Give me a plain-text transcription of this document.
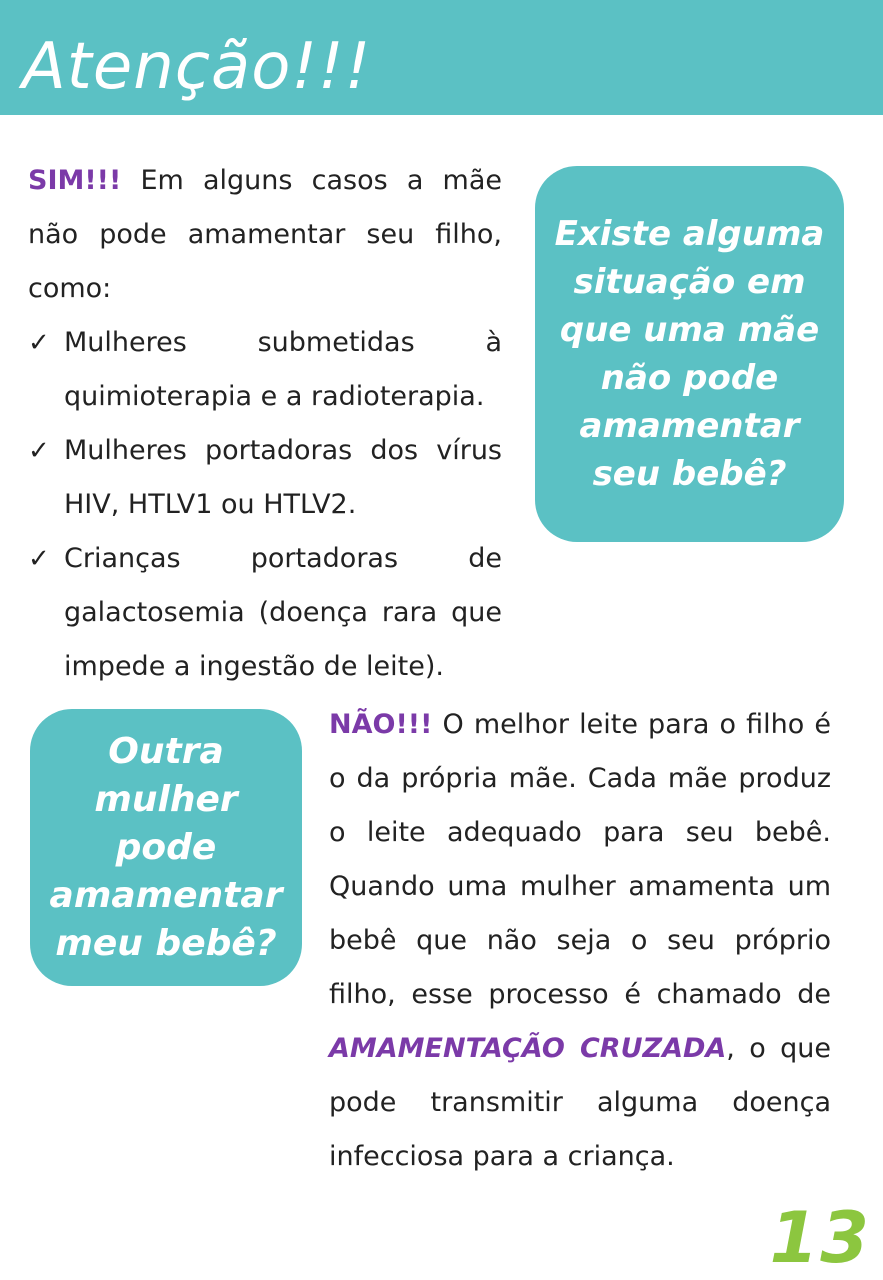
Atenção!!!

SIM!!! Em alguns casos a mãe não pode amamentar seu filho, como:

✓ Mulheres submetidas à quimioterapia e a radioterapia.
✓ Mulheres portadoras dos vírus HIV, HTLV1 ou HTLV2.
✓ Crianças portadoras de galactosemia (doença rara que impede a ingestão de leite).
Existe alguma situação em que uma mãe não pode amamentar seu bebê?
Outra mulher pode amamentar meu bebê?

NÃO!!! O melhor leite para o filho é o da própria mãe. Cada mãe produz o leite adequado para seu bebê. Quando uma mulher amamenta um bebê que não seja o seu próprio filho, esse processo é chamado de AMAMENTAÇÃO CRUZADA, o que pode transmitir alguma doença infecciosa para a criança.

13
